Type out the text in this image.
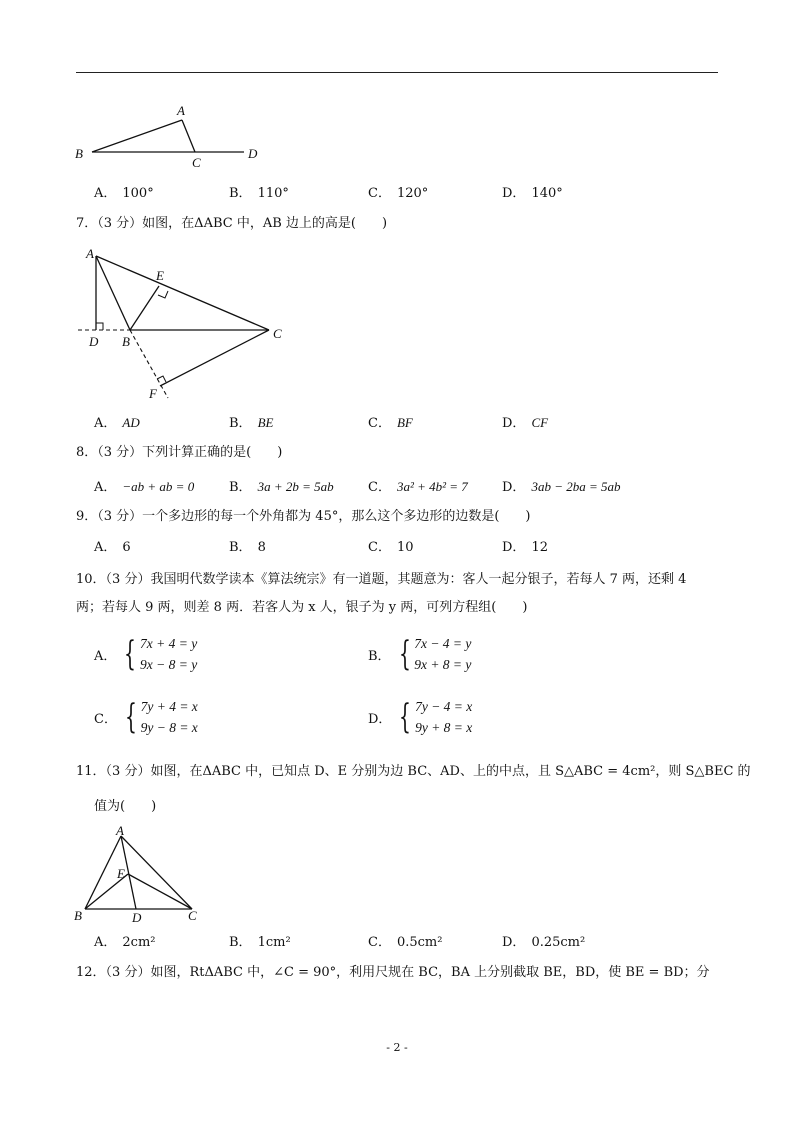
A
B
C
D
A． 100°	B． 110°	C． 120°	D． 140°
7．（3 分）如图，在ΔABC 中，AB 边上的高是(　　)
A
E
D B
C
F
A． AD	B． BE	C． BF	D． CF
8．（3 分）下列计算正确的是(　　)
A． −ab + ab = 0	B． 3a + 2b = 5ab	C． 3a² + 4b² = 7	D． 3ab − 2ba = 5ab
9．（3 分）一个多边形的每一个外角都为 45°，那么这个多边形的边数是(　　)
A． 6	B． 8	C． 10	D． 12
10．（3 分）我国明代数学读本《算法统宗》有一道题，其题意为：客人一起分银子，若每人 7 两，还剩 4
两；若每人 9 两，则差 8 两．若客人为 x 人，银子为 y 两，可列方程组(　　)
A． { 7x + 4 = y
9x − 8 = y
B． { 7x − 4 = y
9x + 8 = y
C． { 7y + 4 = x
9y − 8 = x
D． { 7y − 4 = x
9y + 8 = x
11．（3 分）如图，在ΔABC 中，已知点 D、E 分别为边 BC、AD、上的中点，且 S△ABC = 4cm²，则 S△BEC 的
值为(　　)
A
E
B	D	C
A． 2cm²	B． 1cm²	C． 0.5cm²	D． 0.25cm²
12．（3 分）如图，RtΔABC 中，∠C = 90°，利用尺规在 BC，BA 上分别截取 BE，BD，使 BE = BD；分
- 2 -
